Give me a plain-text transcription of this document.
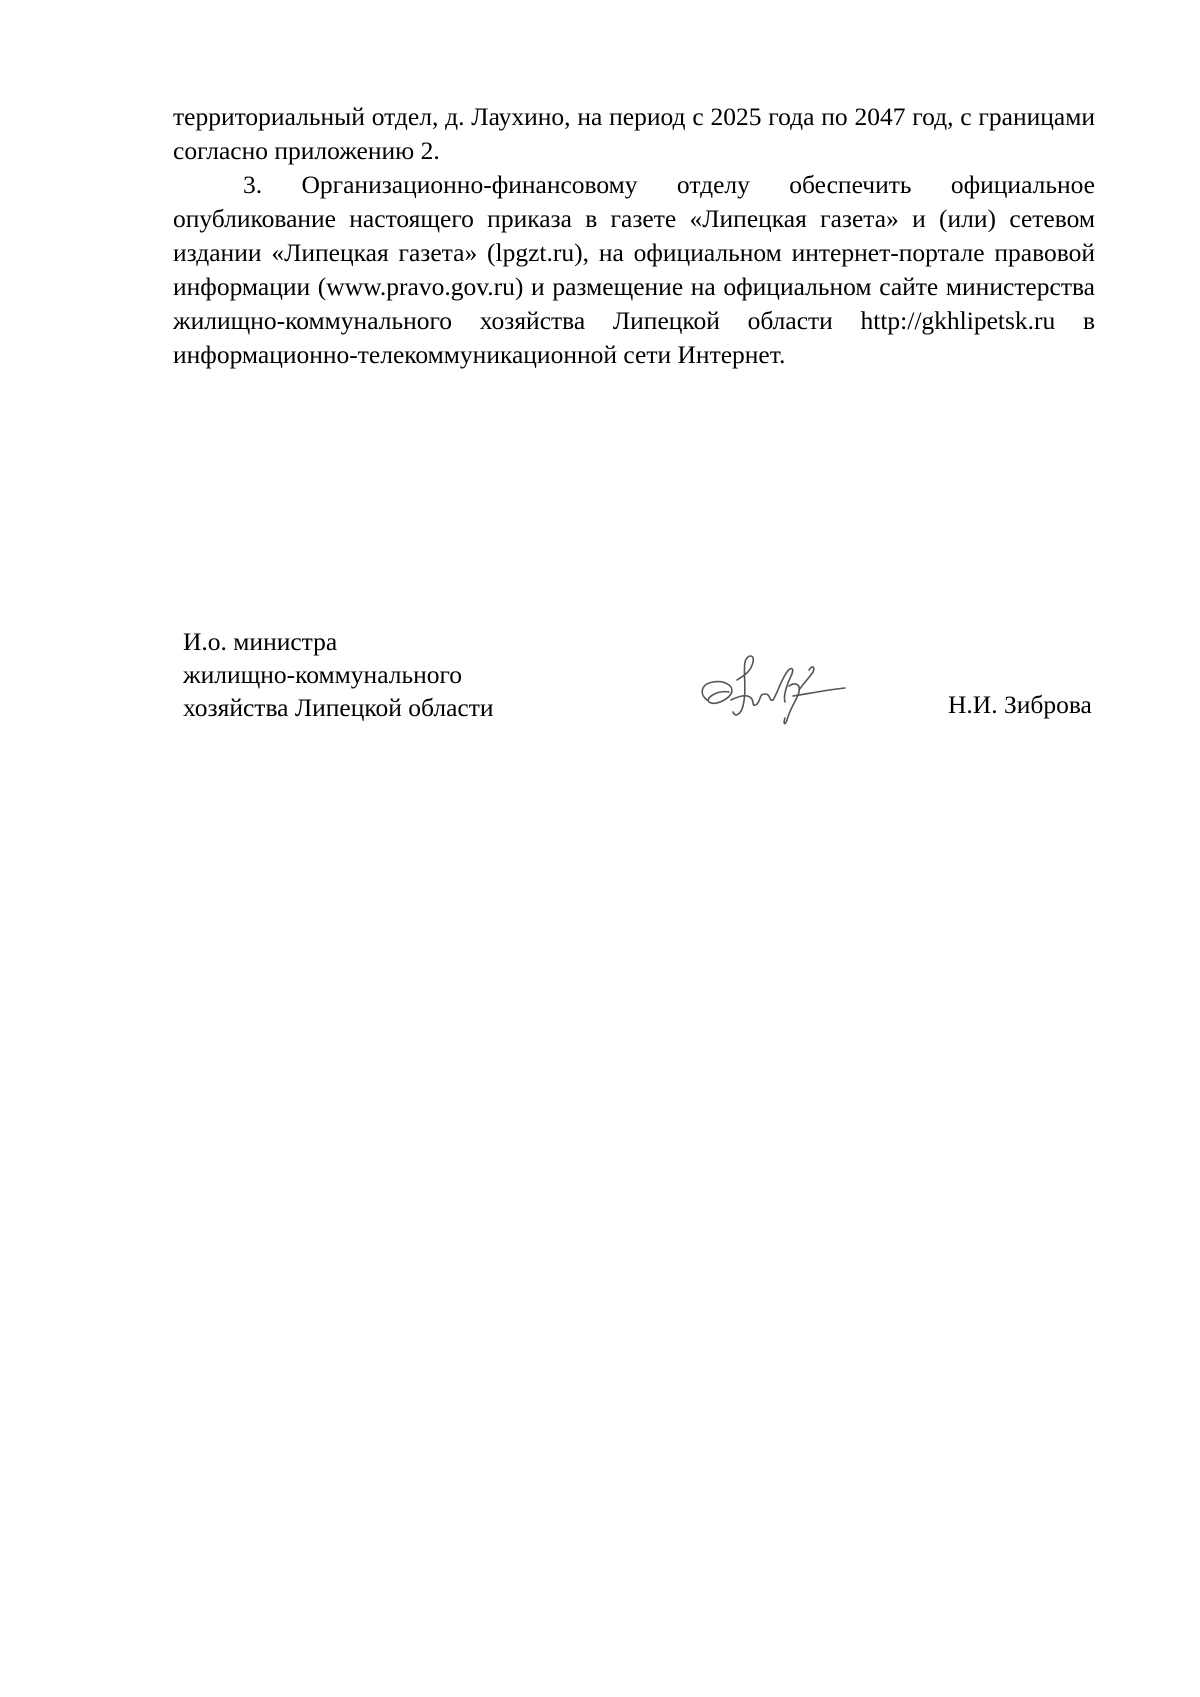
территориальный отдел, д. Лаухино, на период с 2025 года по 2047 год, с границами согласно приложению 2.

3. Организационно-финансовому отделу обеспечить официальное опубликование настоящего приказа в газете «Липецкая газета» и (или) сетевом издании «Липецкая газета» (lpgzt.ru), на официальном интернет-портале правовой информации (www.pravo.gov.ru) и размещение на официальном сайте министерства жилищно-коммунального хозяйства Липецкой области http://gkhlipetsk.ru в информационно-телекоммуникационной сети Интернет.

И.о. министра
жилищно-коммунального
хозяйства Липецкой области	Н.И. Зиброва
